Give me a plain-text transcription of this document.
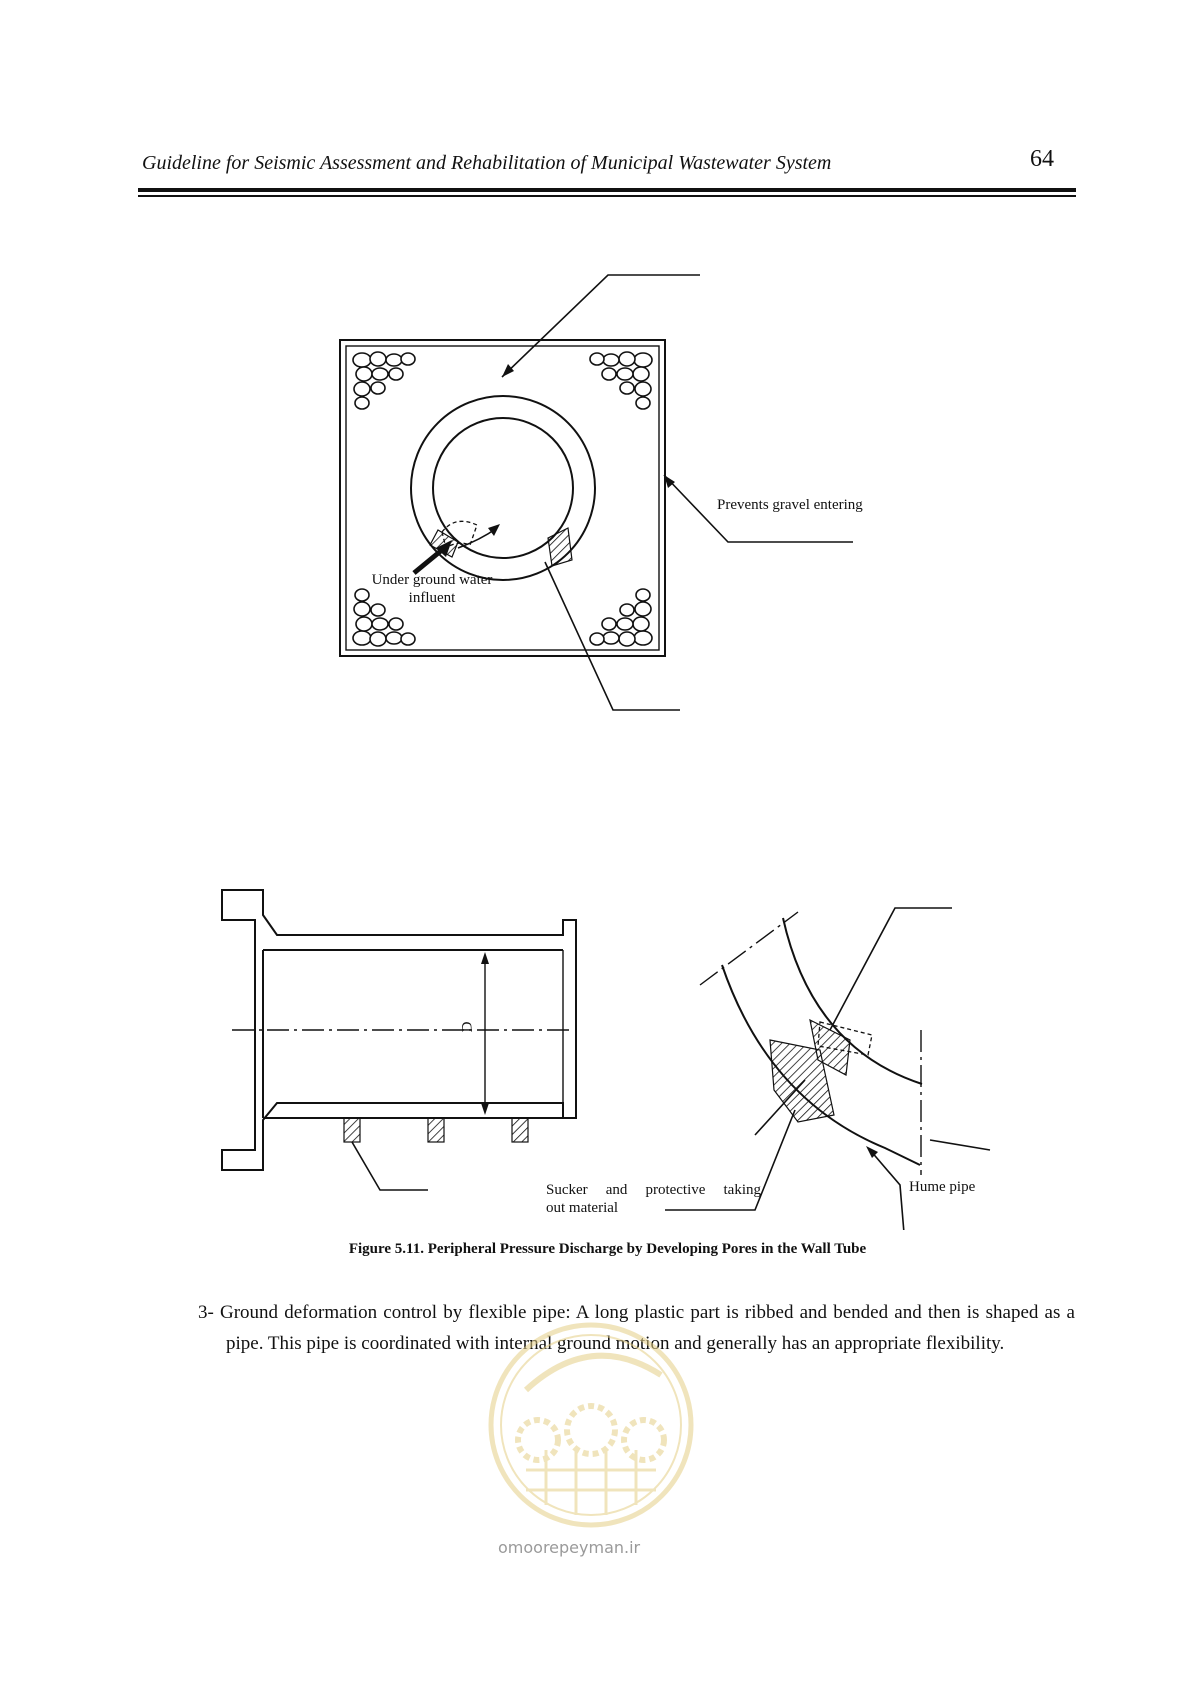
Guideline for Seismic Assessment and Rehabilitation of Municipal Wastewater System	64
Prevents gravel entering
Under ground water
influent
D
Sucker and protective taking
out material
Hume pipe
Figure 5.11. Peripheral Pressure Discharge by Developing Pores in the Wall Tube
3- Ground deformation control by flexible pipe: A long plastic part is ribbed and bended and then is shaped as a pipe. This pipe is coordinated with internal ground motion and generally has an appropriate flexibility.
omoorepeyman.ir
